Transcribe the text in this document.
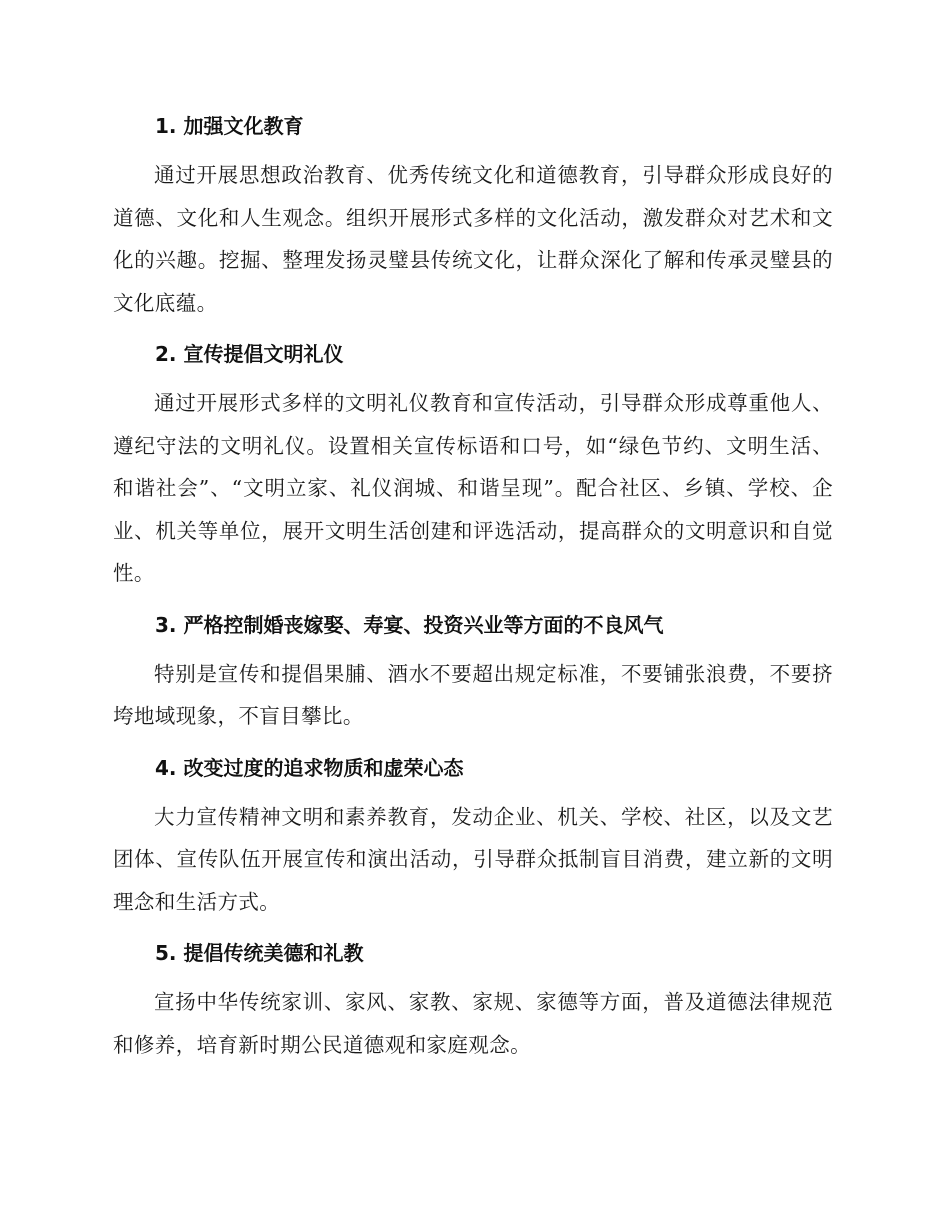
1. 加强文化教育

通过开展思想政治教育、优秀传统文化和道德教育，引导群众形成良好的道德、文化和人生观念。组织开展形式多样的文化活动，激发群众对艺术和文化的兴趣。挖掘、整理发扬灵璧县传统文化，让群众深化了解和传承灵璧县的文化底蕴。

2. 宣传提倡文明礼仪

通过开展形式多样的文明礼仪教育和宣传活动，引导群众形成尊重他人、遵纪守法的文明礼仪。设置相关宣传标语和口号，如“绿色节约、文明生活、和谐社会”、“文明立家、礼仪润城、和谐呈现”。配合社区、乡镇、学校、企业、机关等单位，展开文明生活创建和评选活动，提高群众的文明意识和自觉性。

3. 严格控制婚丧嫁娶、寿宴、投资兴业等方面的不良风气

特别是宣传和提倡果脯、酒水不要超出规定标准，不要铺张浪费，不要挤垮地域现象，不盲目攀比。

4. 改变过度的追求物质和虚荣心态

大力宣传精神文明和素养教育，发动企业、机关、学校、社区，以及文艺团体、宣传队伍开展宣传和演出活动，引导群众抵制盲目消费，建立新的文明理念和生活方式。

5. 提倡传统美德和礼教

宣扬中华传统家训、家风、家教、家规、家德等方面，普及道德法律规范和修养，培育新时期公民道德观和家庭观念。
